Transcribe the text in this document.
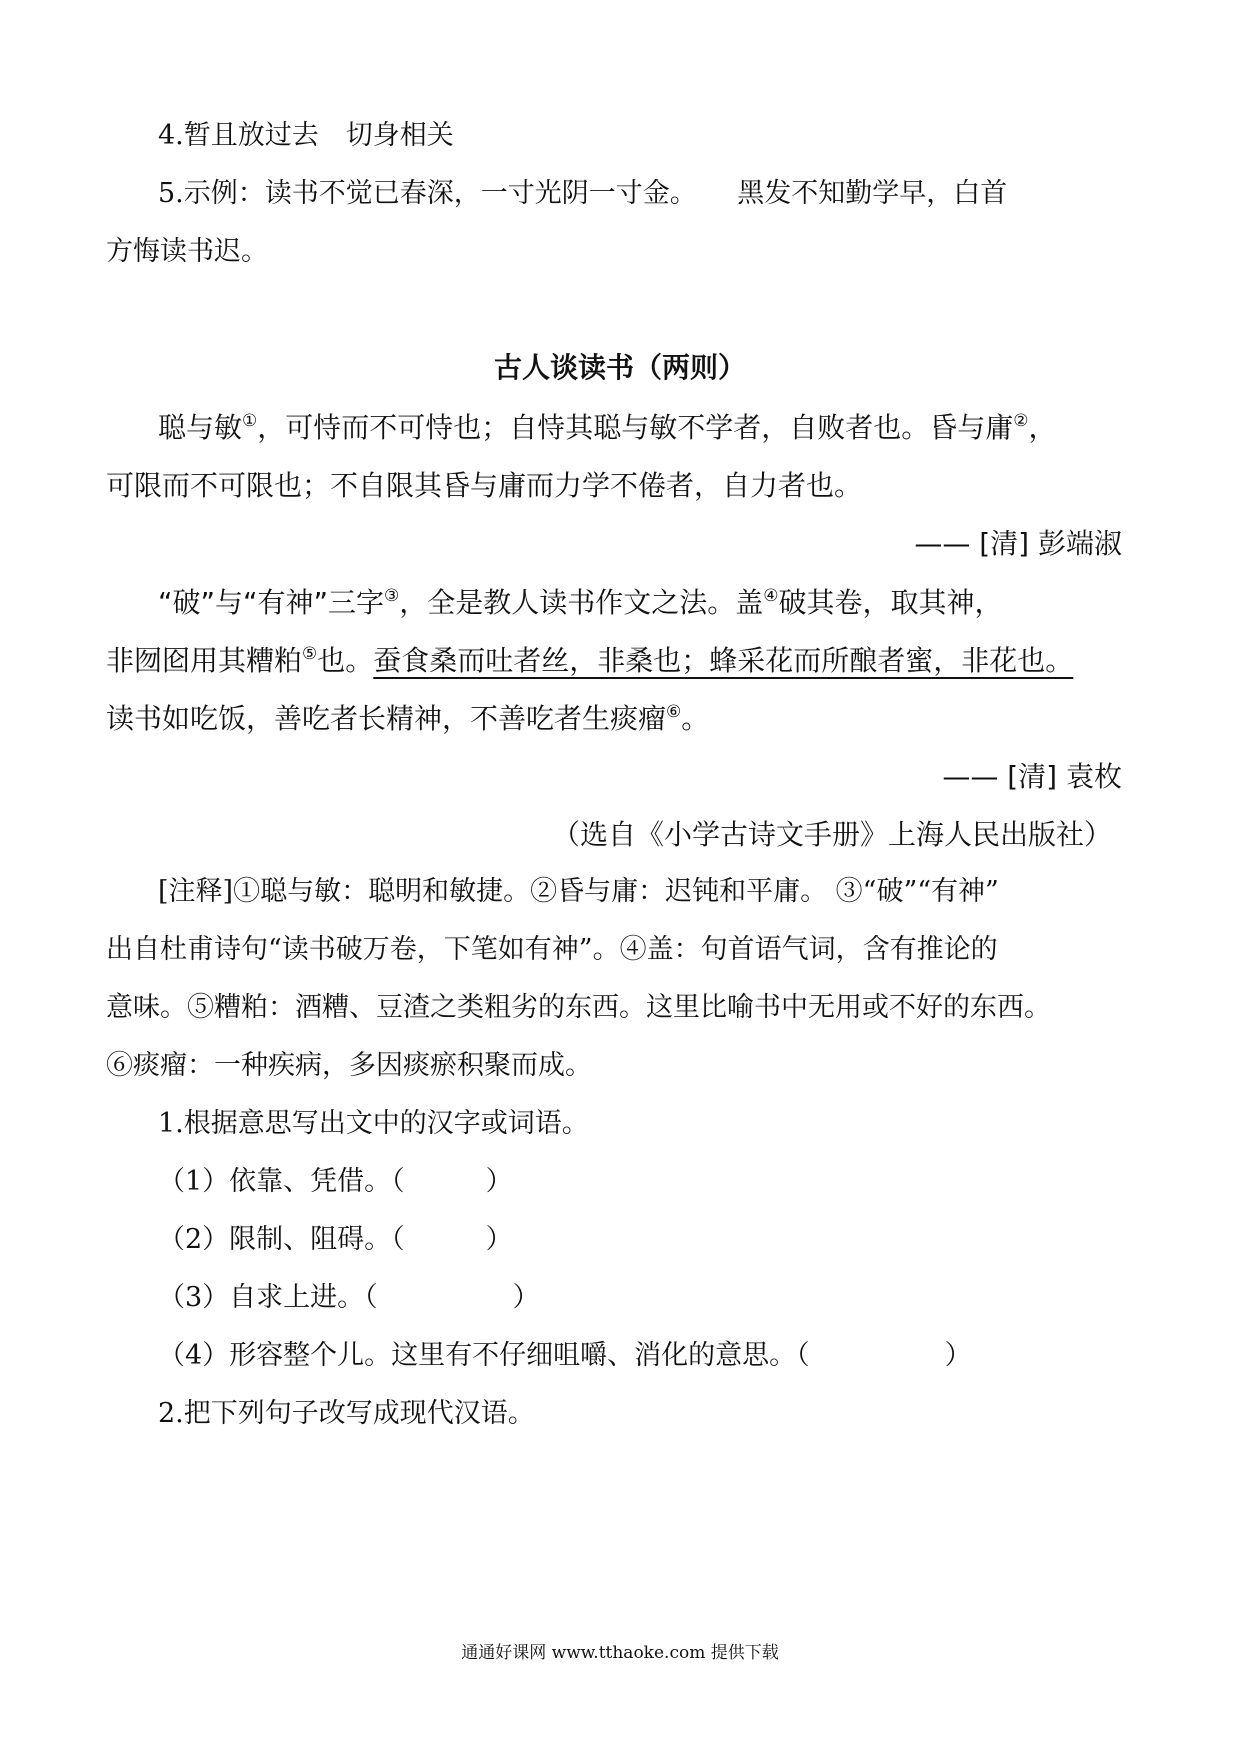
4.暂且放过去　切身相关
5.示例：读书不觉已春深，一寸光阴一寸金。　　黑发不知勤学早，白首
方悔读书迟。
古人谈读书（两则）
聪与敏①，可恃而不可恃也；自恃其聪与敏不学者，自败者也。昏与庸②，
可限而不可限也；不自限其昏与庸而力学不倦者，自力者也。
—— [清] 彭端淑
“破”与“有神”三字③，全是教人读书作文之法。盖④破其卷，取其神，
非囫囵用其糟粕⑤也。蚕食桑而吐者丝，非桑也；蜂采花而所酿者蜜，非花也。
读书如吃饭，善吃者长精神，不善吃者生痰瘤⑥。
—— [清] 袁枚
（选自《小学古诗文手册》上海人民出版社）
[注释]①聪与敏：聪明和敏捷。②昏与庸：迟钝和平庸。 ③“破”“有神”
出自杜甫诗句“读书破万卷，下笔如有神”。④盖：句首语气词，含有推论的
意味。⑤糟粕：酒糟、豆渣之类粗劣的东西。这里比喻书中无用或不好的东西。
⑥痰瘤：一种疾病，多因痰瘀积聚而成。
1.根据意思写出文中的汉字或词语。
（1）依靠、凭借。（　　　）
（2）限制、阻碍。（　　　）
（3）自求上进。（　　　　　）
（4）形容整个儿。这里有不仔细咀嚼、消化的意思。（　　　　　）
2.把下列句子改写成现代汉语。
通通好课网 www.tthaoke.com 提供下载
